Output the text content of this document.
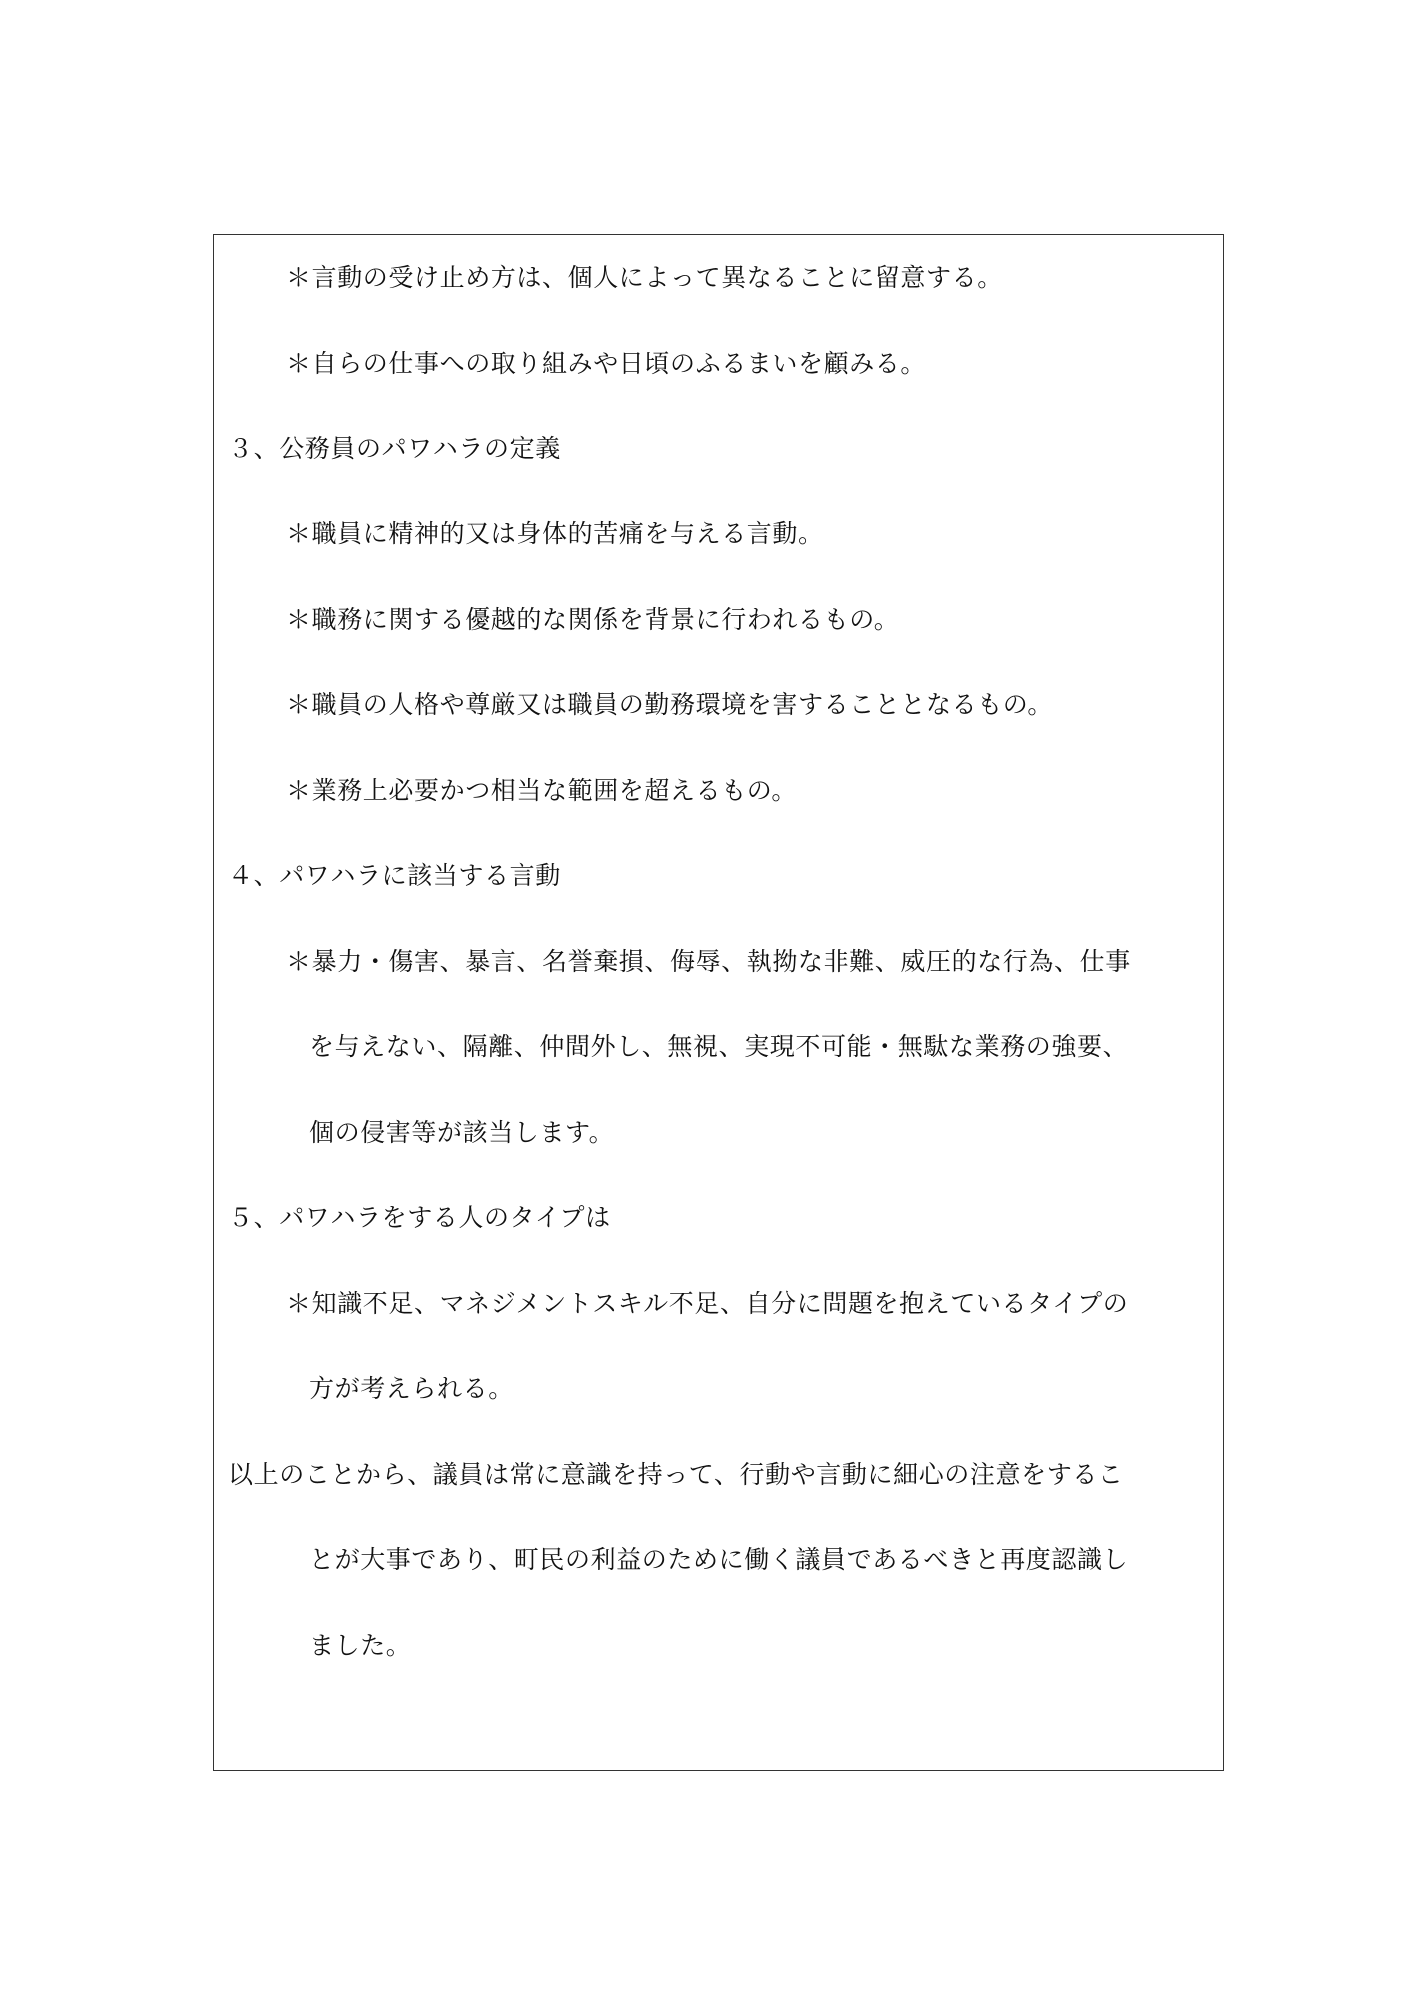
＊言動の受け止め方は、個人によって異なることに留意する。
＊自らの仕事への取り組みや日頃のふるまいを顧みる。
３、公務員のパワハラの定義
＊職員に精神的又は身体的苦痛を与える言動。
＊職務に関する優越的な関係を背景に行われるもの。
＊職員の人格や尊厳又は職員の勤務環境を害することとなるもの。
＊業務上必要かつ相当な範囲を超えるもの。
４、パワハラに該当する言動
＊暴力・傷害、暴言、名誉棄損、侮辱、執拗な非難、威圧的な行為、仕事
を与えない、隔離、仲間外し、無視、実現不可能・無駄な業務の強要、
個の侵害等が該当します。
５、パワハラをする人のタイプは
＊知識不足、マネジメントスキル不足、自分に問題を抱えているタイプの
方が考えられる。
以上のことから、議員は常に意識を持って、行動や言動に細心の注意をするこ
とが大事であり、町民の利益のために働く議員であるべきと再度認識し
ました。
